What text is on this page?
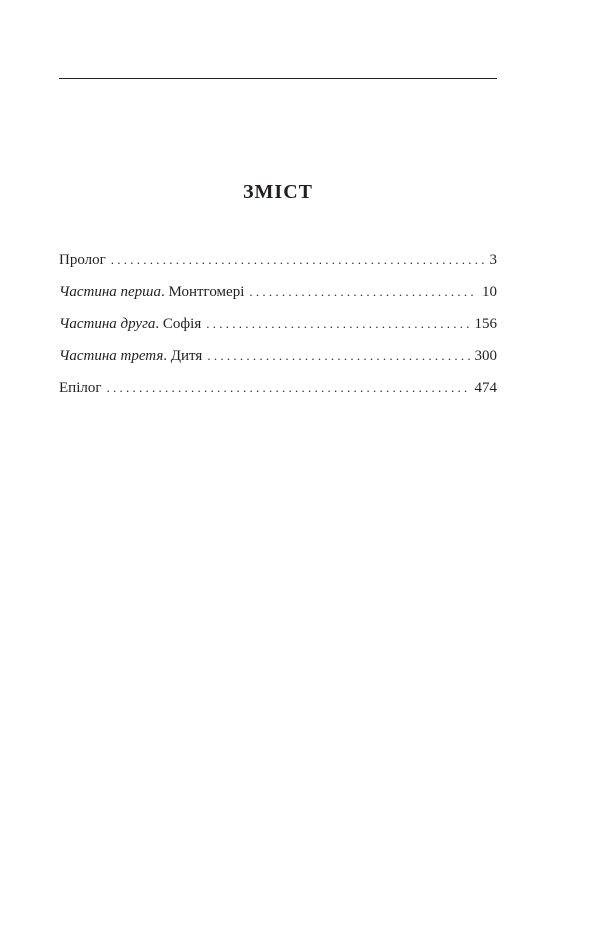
ЗМІСТ
Пролог . . .	3
Частина перша . Монтгомері . . .	10
Частина друга . Софія . . .	156
Частина третя . Дитя . . .	300
Епілог . . .	474
